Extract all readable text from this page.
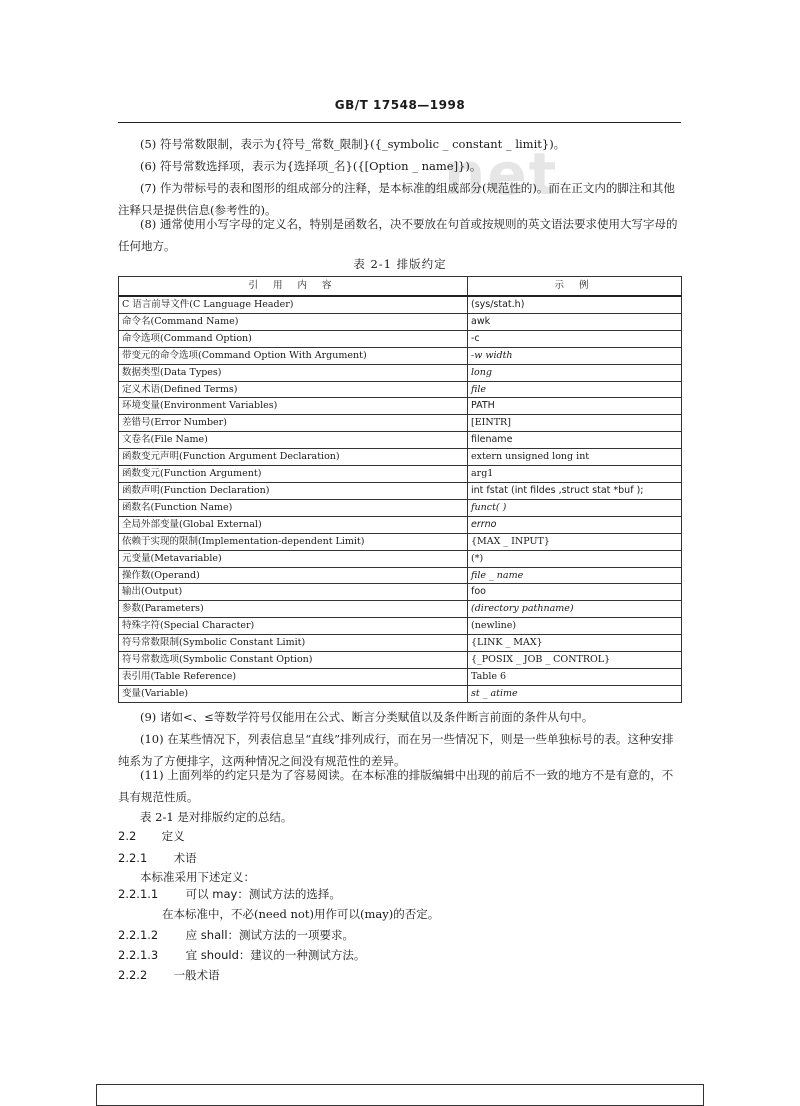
GB/T 17548—1998
.net
(5) 符号常数限制，表示为{符号_常数_限制}({_symbolic _ constant _ limit})。
(6) 符号常数选择项，表示为{选择项_名}({[Option _ name]})。
(7) 作为带标号的表和图形的组成部分的注释，是本标准的组成部分(规范性的)。而在正文内的脚注和其他注释只是提供信息(参考性的)。
(8) 通常使用小写字母的定义名，特别是函数名，决不要放在句首或按规则的英文语法要求使用大写字母的任何地方。
表 2-1 排版约定
引 用 内 容	示 例
C 语言前导文件(C Language Header)	(sys/stat.h)
命令名(Command Name)	awk
命令选项(Command Option)	-c
带变元的命令选项(Command Option With Argument)	-w width
数据类型(Data Types)	long
定义术语(Defined Terms)	file
环境变量(Environment Variables)	PATH
差错号(Error Number)	[EINTR]
文卷名(File Name)	filename
函数变元声明(Function Argument Declaration)	extern unsigned long int
函数变元(Function Argument)	arg1
函数声明(Function Declaration)	int fstat (int fildes ,struct stat *buf );
函数名(Function Name)	funct( )
全局外部变量(Global External)	errno
依赖于实现的限制(Implementation-dependent Limit)	{MAX _ INPUT}
元变量(Metavariable)	(*)
操作数(Operand)	file _ name
输出(Output)	foo
参数(Parameters)	(directory pathname)
特殊字符(Special Character)	(newline)
符号常数限制(Symbolic Constant Limit)	{LINK _ MAX}
符号常数选项(Symbolic Constant Option)	{_POSIX _ JOB _ CONTROL}
表引用(Table Reference)	Table 6
变量(Variable)	st _ atime
(9) 诸如<、≤等数学符号仅能用在公式、断言分类赋值以及条件断言前面的条件从句中。
(10) 在某些情况下，列表信息呈“直线”排列成行，而在另一些情况下，则是一些单独标号的表。这种安排纯系为了方便排字，这两种情况之间没有规范性的差异。
(11) 上面列举的约定只是为了容易阅读。在本标准的排版编辑中出现的前后不一致的地方不是有意的，不具有规范性质。
表 2-1 是对排版约定的总结。
2.2 定义
2.2.1 术语
本标准采用下述定义：
2.2.1.1 可以 may：测试方法的选择。
在本标准中，不必(need not)用作可以(may)的否定。
2.2.1.2 应 shall：测试方法的一项要求。
2.2.1.3 宜 should：建议的一种测试方法。
2.2.2 一般术语
